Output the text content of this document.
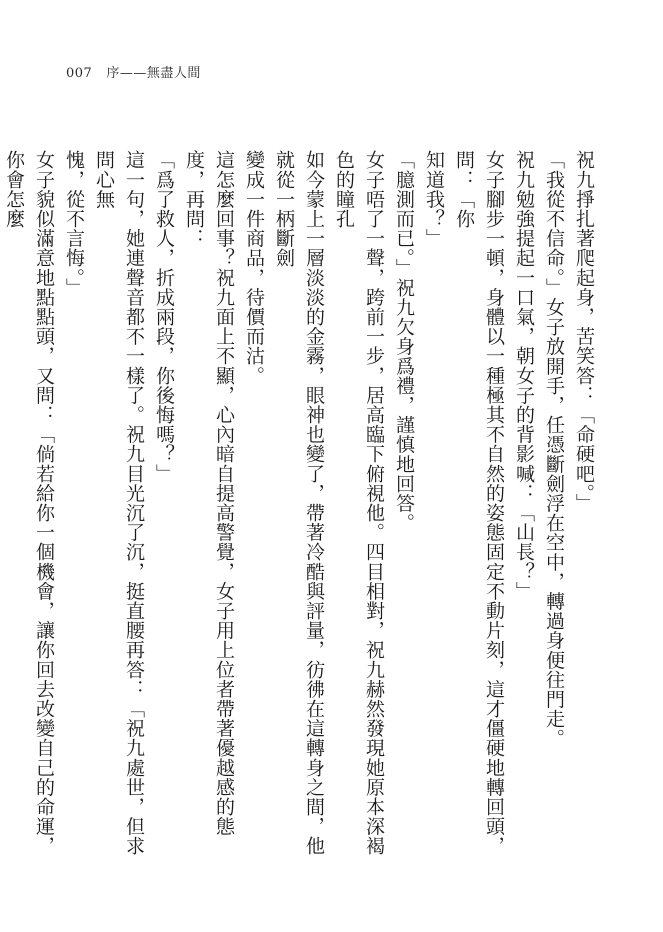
007 序——無盡人間

祝九掙扎著爬起身，苦笑答：「命硬吧。」

「我從不信命。」女子放開手，任憑斷劍浮在空中，轉過身便往門走。

祝九勉強提起一口氣，朝女子的背影喊：「山長？」

女子腳步一頓，身體以一種極其不自然的姿態固定不動片刻，這才僵硬地轉回頭，問：「你

知道我？」

「臆測而已。」祝九欠身爲禮，謹慎地回答。

女子唔了一聲，跨前一步，居高臨下俯視他。四目相對，祝九赫然發現她原本深褐色的瞳孔

如今蒙上一層淡淡的金霧，眼神也變了，帶著冷酷與評量，彷彿在這轉身之間，他就從一柄斷劍

變成一件商品，待價而沽。

這怎麼回事？祝九面上不顯，心內暗自提高警覺，女子用上位者帶著優越感的態度，再問：

「爲了救人，折成兩段，你後悔嗎？」

這一句，她連聲音都不一樣了。祝九目光沉了沉，挺直腰再答：「祝九處世，但求問心無

愧，從不言悔。」

女子貌似滿意地點點頭，又問：「倘若給你一個機會，讓你回去改變自己的命運，你會怎麼
